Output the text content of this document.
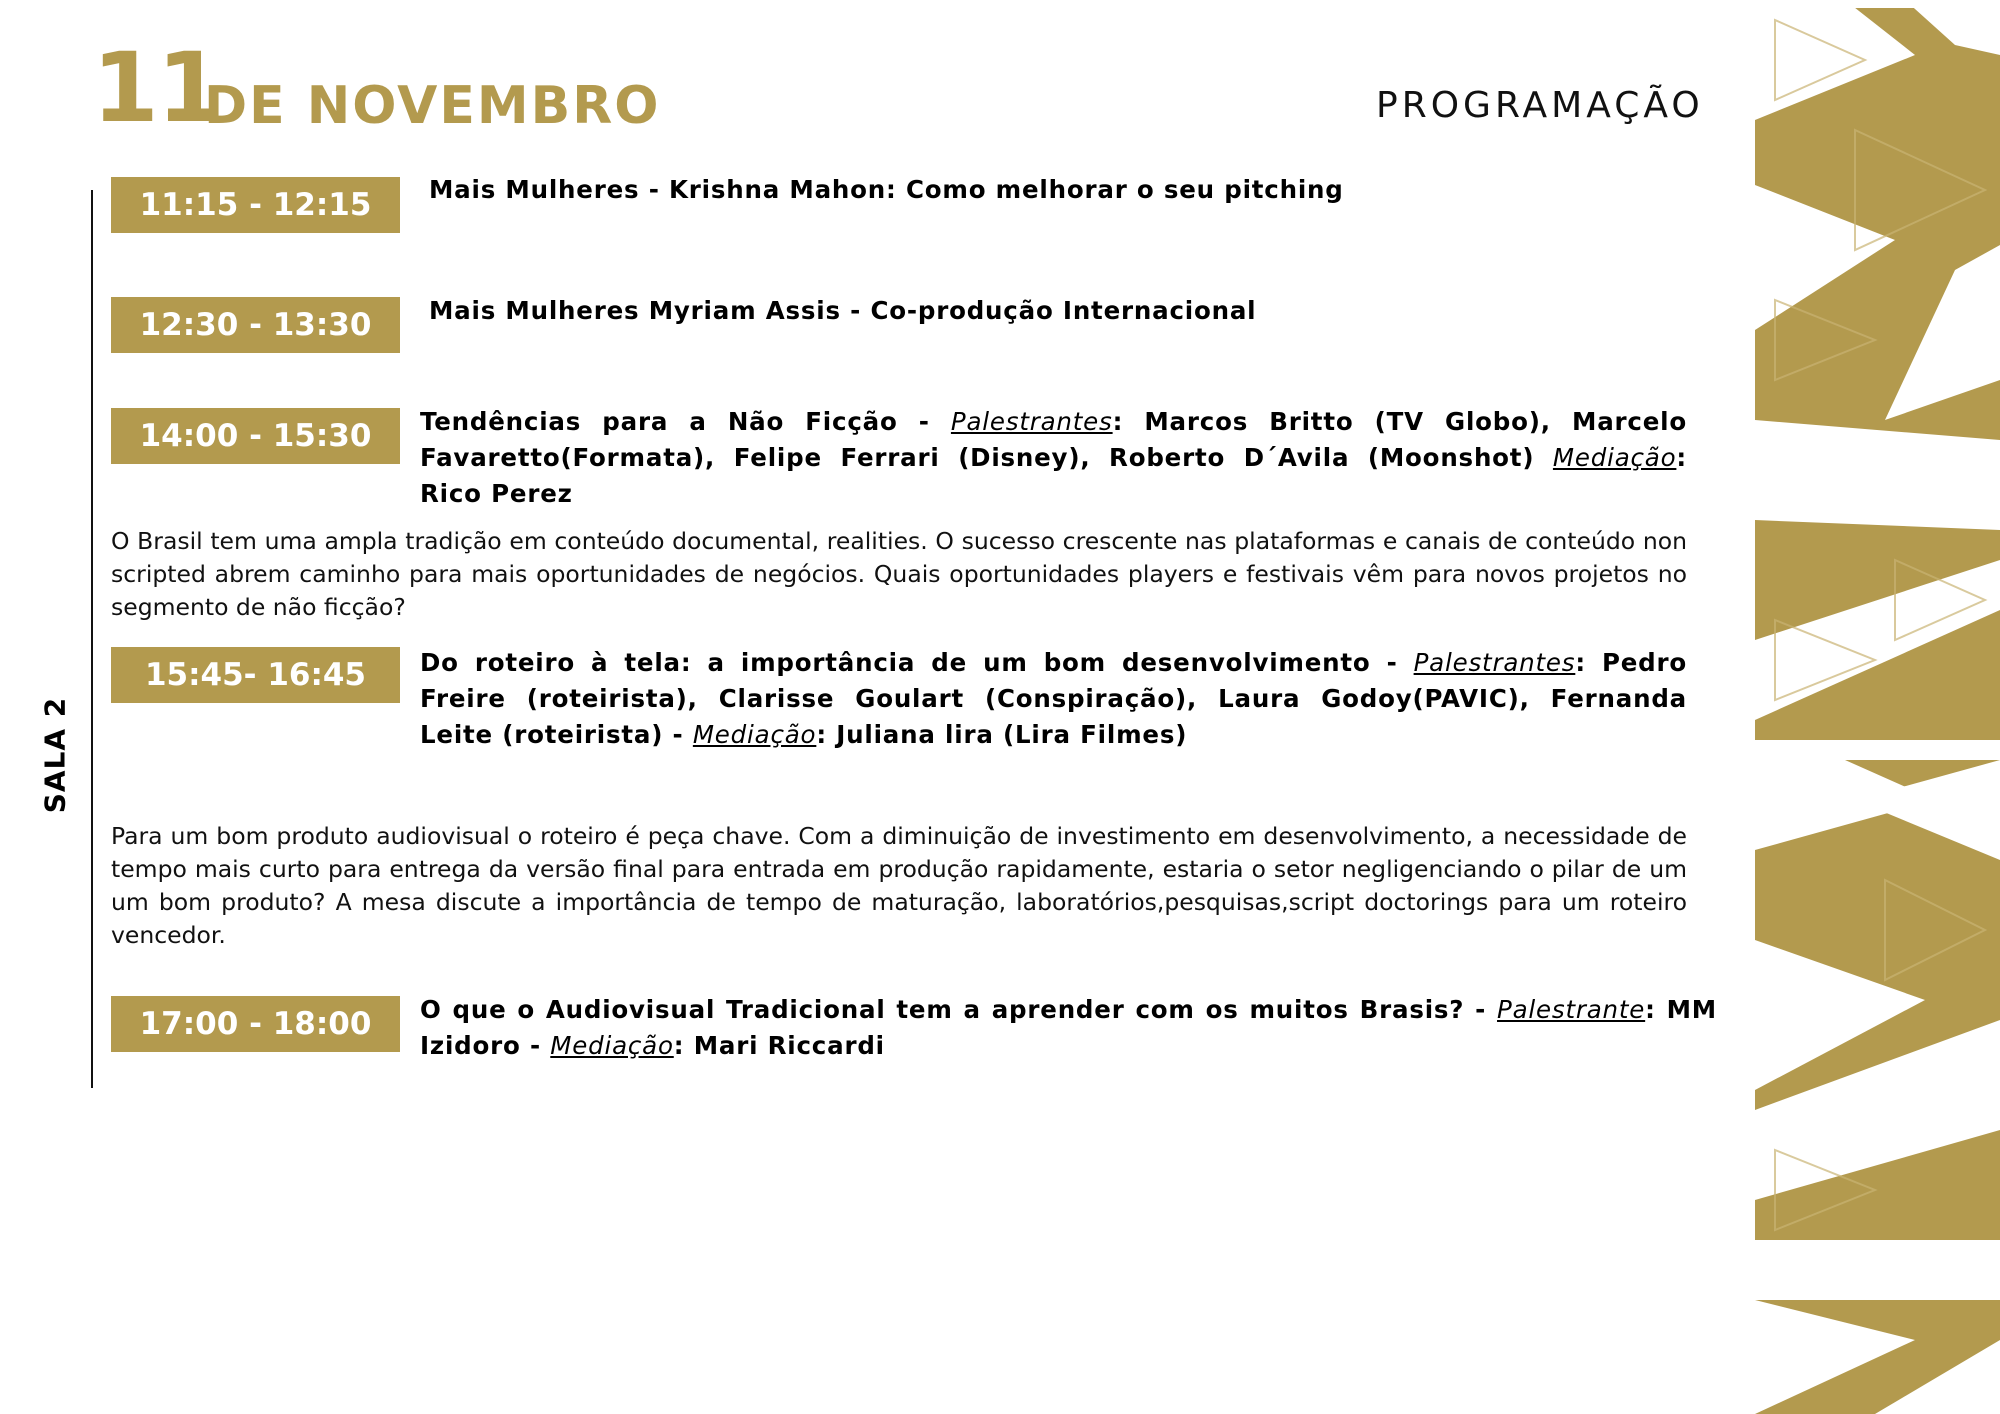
11
DE NOVEMBRO	PROGRAMAÇÃO
SALA 2
11:15 - 12:15	Mais Mulheres - Krishna Mahon: Como melhorar o seu pitching
12:30 - 13:30	Mais Mulheres Myriam Assis - Co-produção Internacional
14:00 - 15:30	Tendências para a Não Ficção - Palestrantes: Marcos Britto (TV Globo), Marcelo Favaretto(Formata), Felipe Ferrari (Disney), Roberto D´Avila (Moonshot) Mediação: Rico Perez
O Brasil tem uma ampla tradição em conteúdo documental, realities. O sucesso crescente nas plataformas e canais de conteúdo non scripted abrem caminho para mais oportunidades de negócios. Quais oportunidades players e festivais vêm para novos projetos no segmento de não ficção?
15:45- 16:45	Do roteiro à tela: a importância de um bom desenvolvimento - Palestrantes: Pedro Freire (roteirista), Clarisse Goulart (Conspiração), Laura Godoy(PAVIC), Fernanda Leite (roteirista) - Mediação: Juliana lira (Lira Filmes)
Para um bom produto audiovisual o roteiro é peça chave. Com a diminuição de investimento em desenvolvimento, a necessidade de tempo mais curto para entrega da versão final para entrada em produção rapidamente, estaria o setor negligenciando o pilar de um um bom produto? A mesa discute a importância de tempo de maturação, laboratórios,pesquisas,script doctorings para um roteiro vencedor.
17:00 - 18:00	O que o Audiovisual Tradicional tem a aprender com os muitos Brasis? - Palestrante: MM Izidoro - Mediação: Mari Riccardi
